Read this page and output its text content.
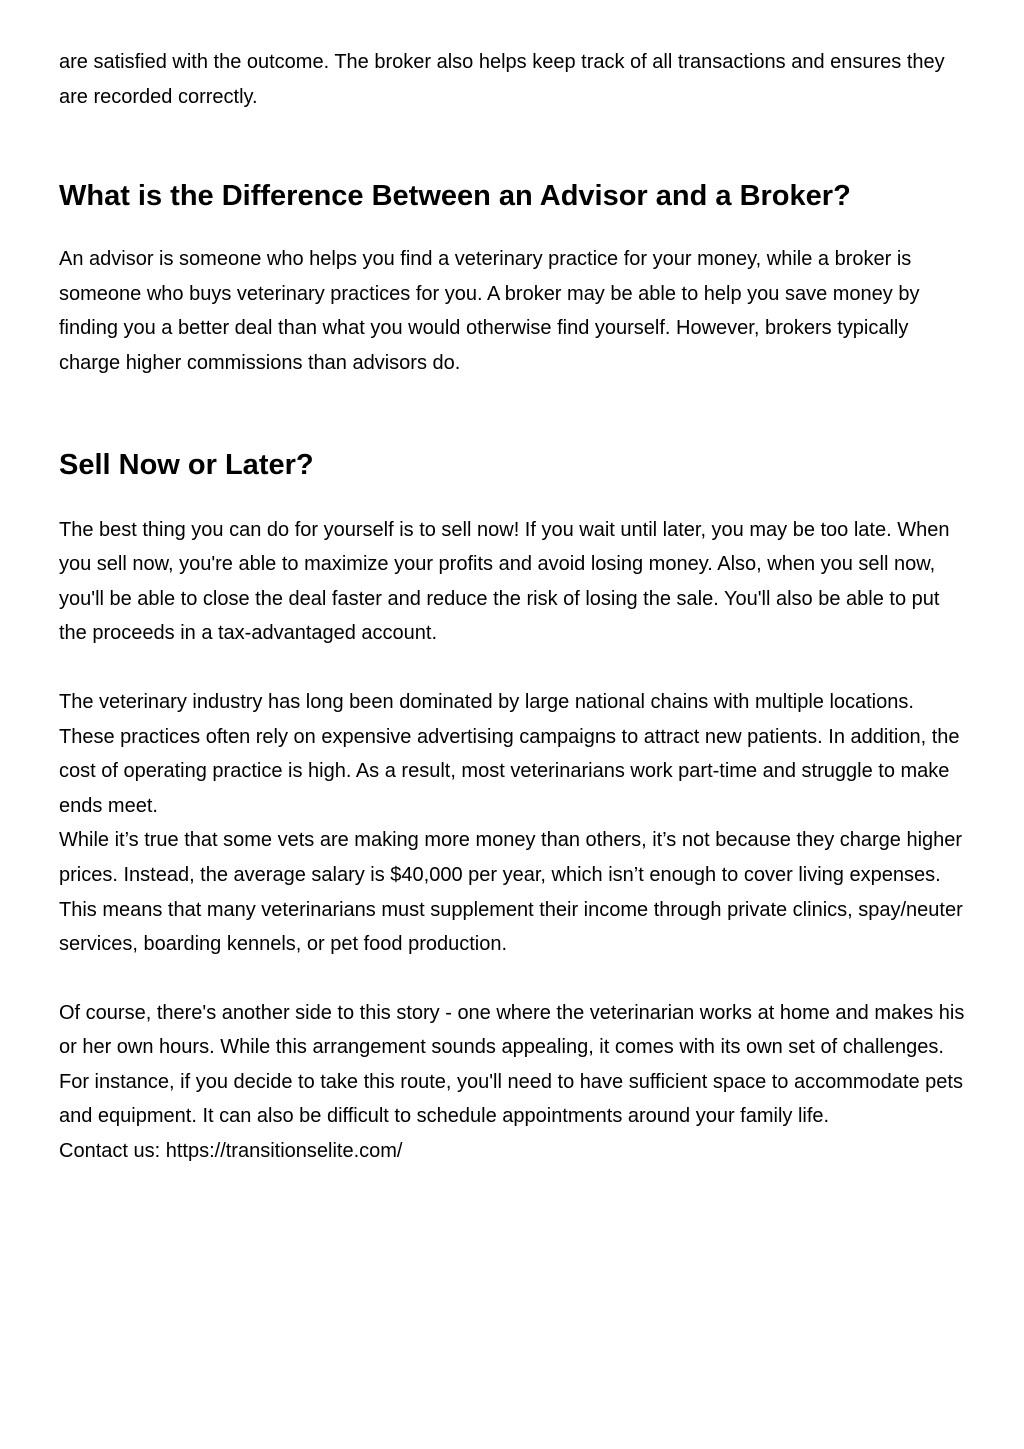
are satisfied with the outcome. The broker also helps keep track of all transactions and ensures they are recorded correctly.

What is the Difference Between an Advisor and a Broker?

An advisor is someone who helps you find a veterinary practice for your money, while a broker is someone who buys veterinary practices for you. A broker may be able to help you save money by finding you a better deal than what you would otherwise find yourself. However, brokers typically charge higher commissions than advisors do.

Sell Now or Later?

The best thing you can do for yourself is to sell now! If you wait until later, you may be too late. When you sell now, you're able to maximize your profits and avoid losing money. Also, when you sell now, you'll be able to close the deal faster and reduce the risk of losing the sale. You'll also be able to put the proceeds in a tax-advantaged account.

The veterinary industry has long been dominated by large national chains with multiple locations. These practices often rely on expensive advertising campaigns to attract new patients. In addition, the cost of operating practice is high. As a result, most veterinarians work part-time and struggle to make ends meet.

While it’s true that some vets are making more money than others, it’s not because they charge higher prices. Instead, the average salary is $40,000 per year, which isn’t enough to cover living expenses. This means that many veterinarians must supplement their income through private clinics, spay/neuter services, boarding kennels, or pet food production.

Of course, there's another side to this story - one where the veterinarian works at home and makes his or her own hours. While this arrangement sounds appealing, it comes with its own set of challenges. For instance, if you decide to take this route, you'll need to have sufficient space to accommodate pets and equipment. It can also be difficult to schedule appointments around your family life.

Contact us: https://transitionselite.com/
